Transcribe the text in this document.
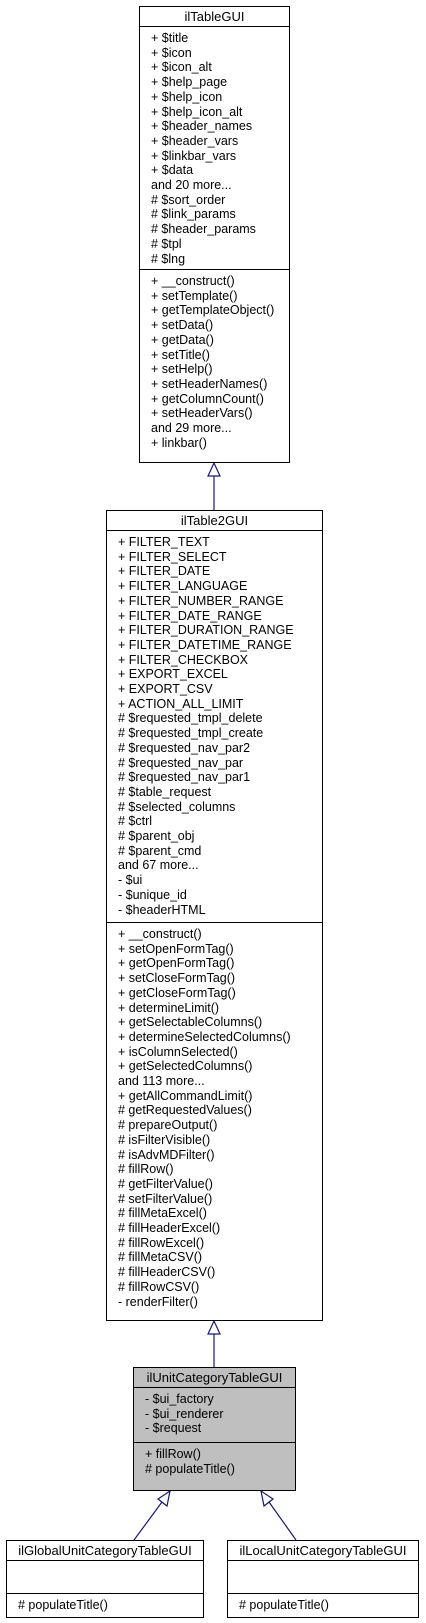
ilTableGUI
+ $title
+ $icon
+ $icon_alt
+ $help_page
+ $help_icon
+ $help_icon_alt
+ $header_names
+ $header_vars
+ $linkbar_vars
+ $data
and 20 more...
# $sort_order
# $link_params
# $header_params
# $tpl
# $lng
+ __construct()
+ setTemplate()
+ getTemplateObject()
+ setData()
+ getData()
+ setTitle()
+ setHelp()
+ setHeaderNames()
+ getColumnCount()
+ setHeaderVars()
and 29 more...
+ linkbar()
ilTable2GUI
+ FILTER_TEXT
+ FILTER_SELECT
+ FILTER_DATE
+ FILTER_LANGUAGE
+ FILTER_NUMBER_RANGE
+ FILTER_DATE_RANGE
+ FILTER_DURATION_RANGE
+ FILTER_DATETIME_RANGE
+ FILTER_CHECKBOX
+ EXPORT_EXCEL
+ EXPORT_CSV
+ ACTION_ALL_LIMIT
# $requested_tmpl_delete
# $requested_tmpl_create
# $requested_nav_par2
# $requested_nav_par
# $requested_nav_par1
# $table_request
# $selected_columns
# $ctrl
# $parent_obj
# $parent_cmd
and 67 more...
- $ui
- $unique_id
- $headerHTML
+ __construct()
+ setOpenFormTag()
+ getOpenFormTag()
+ setCloseFormTag()
+ getCloseFormTag()
+ determineLimit()
+ getSelectableColumns()
+ determineSelectedColumns()
+ isColumnSelected()
+ getSelectedColumns()
and 113 more...
+ getAllCommandLimit()
# getRequestedValues()
# prepareOutput()
# isFilterVisible()
# isAdvMDFilter()
# fillRow()
# getFilterValue()
# setFilterValue()
# fillMetaExcel()
# fillHeaderExcel()
# fillRowExcel()
# fillMetaCSV()
# fillHeaderCSV()
# fillRowCSV()
- renderFilter()
ilUnitCategoryTableGUI
- $ui_factory
- $ui_renderer
- $request
+ fillRow()
# populateTitle()
ilGlobalUnitCategoryTableGUI
# populateTitle()
ilLocalUnitCategoryTableGUI
# populateTitle()
